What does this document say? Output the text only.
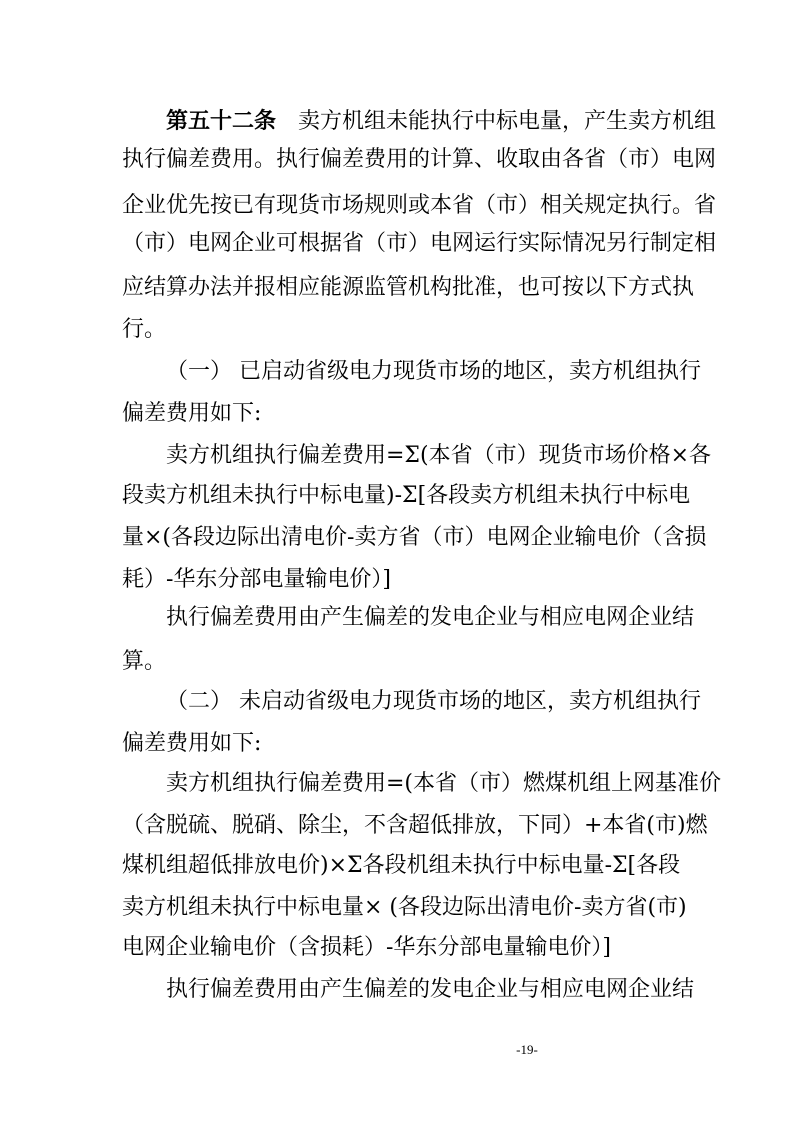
第五十二条 卖方机组未能执行中标电量，产生卖方机组
执行偏差费用。执行偏差费用的计算、收取由各省（市）电网
企业优先按已有现货市场规则或本省（市）相关规定执行。省
（市）电网企业可根据省（市）电网运行实际情况另行制定相
应结算办法并报相应能源监管机构批准，也可按以下方式执
行。
（一） 已启动省级电力现货市场的地区，卖方机组执行
偏差费用如下:
卖方机组执行偏差费用=Σ(本省（市）现货市场价格×各
段卖方机组未执行中标电量)-Σ[各段卖方机组未执行中标电
量×(各段边际出清电价-卖方省（市）电网企业输电价（含损
耗）-华东分部电量输电价）]
执行偏差费用由产生偏差的发电企业与相应电网企业结
算。
（二） 未启动省级电力现货市场的地区，卖方机组执行
偏差费用如下:
卖方机组执行偏差费用=(本省（市）燃煤机组上网基准价
（含脱硫、脱硝、除尘，不含超低排放，下同）+本省(市)燃
煤机组超低排放电价)×Σ各段机组未执行中标电量-Σ[各段
卖方机组未执行中标电量× (各段边际出清电价-卖方省(市)
电网企业输电价（含损耗）-华东分部电量输电价）]
执行偏差费用由产生偏差的发电企业与相应电网企业结
-19-
